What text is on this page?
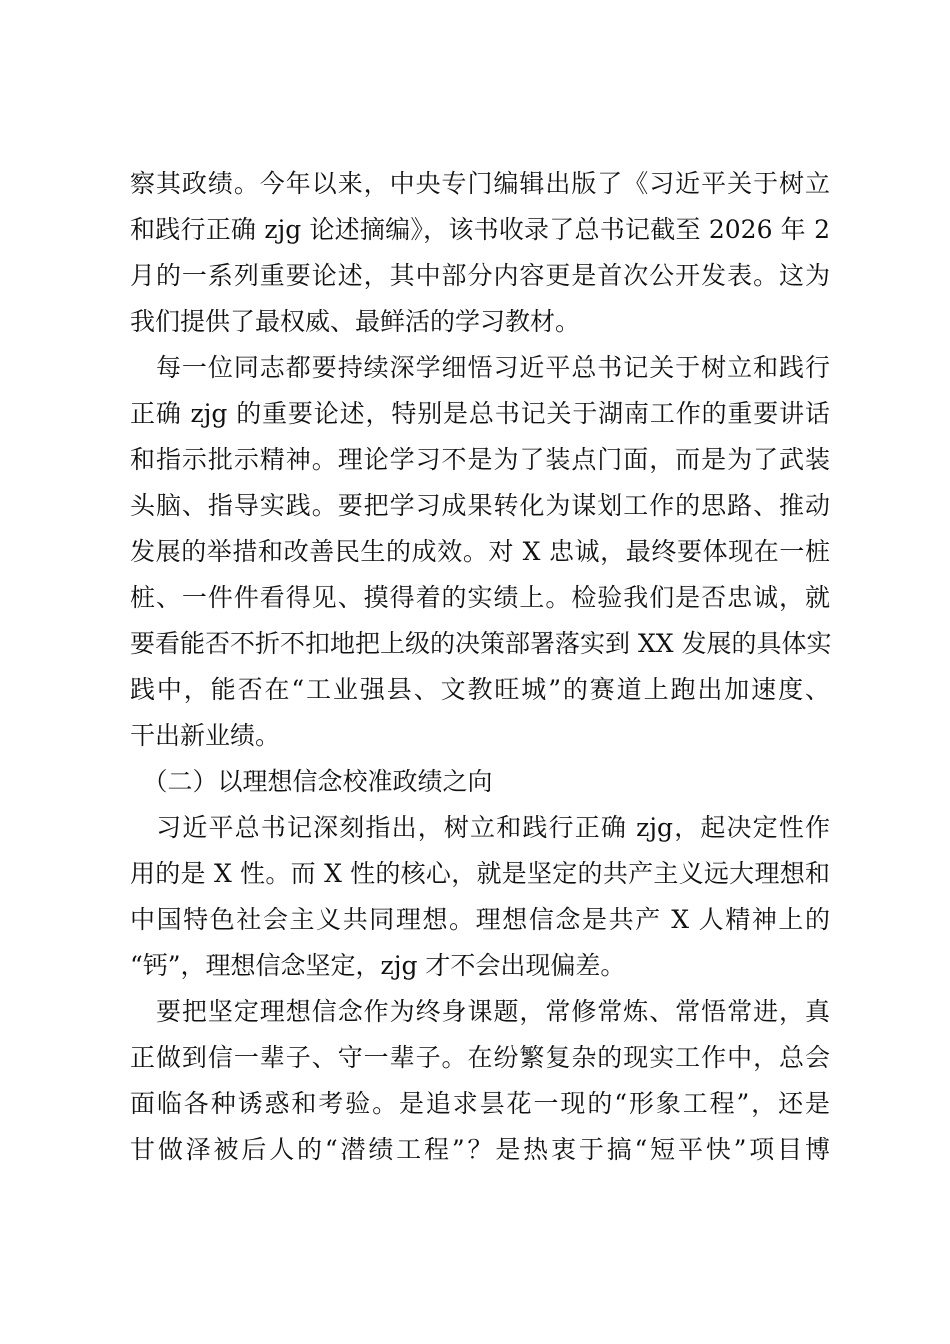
察其政绩。今年以来，中央专门编辑出版了《习近平关于树立
和践行正确 zjg 论述摘编》，该书收录了总书记截至 2026 年 2
月的一系列重要论述，其中部分内容更是首次公开发表。这为
我们提供了最权威、最鲜活的学习教材。
　每一位同志都要持续深学细悟习近平总书记关于树立和践行
正确 zjg 的重要论述，特别是总书记关于湖南工作的重要讲话
和指示批示精神。理论学习不是为了装点门面，而是为了武装
头脑、指导实践。要把学习成果转化为谋划工作的思路、推动
发展的举措和改善民生的成效。对 X 忠诚，最终要体现在一桩
桩、一件件看得见、摸得着的实绩上。检验我们是否忠诚，就
要看能否不折不扣地把上级的决策部署落实到 XX 发展的具体实
践中，能否在“工业强县、文教旺城”的赛道上跑出加速度、
干出新业绩。
　（二）以理想信念校准政绩之向
　习近平总书记深刻指出，树立和践行正确 zjg，起决定性作
用的是 X 性。而 X 性的核心，就是坚定的共产主义远大理想和
中国特色社会主义共同理想。理想信念是共产 X 人精神上的
“钙”，理想信念坚定，zjg 才不会出现偏差。
　要把坚定理想信念作为终身课题，常修常炼、常悟常进，真
正做到信一辈子、守一辈子。在纷繁复杂的现实工作中，总会
面临各种诱惑和考验。是追求昙花一现的“形象工程”，还是
甘做泽被后人的“潜绩工程”？是热衷于搞“短平快”项目博
